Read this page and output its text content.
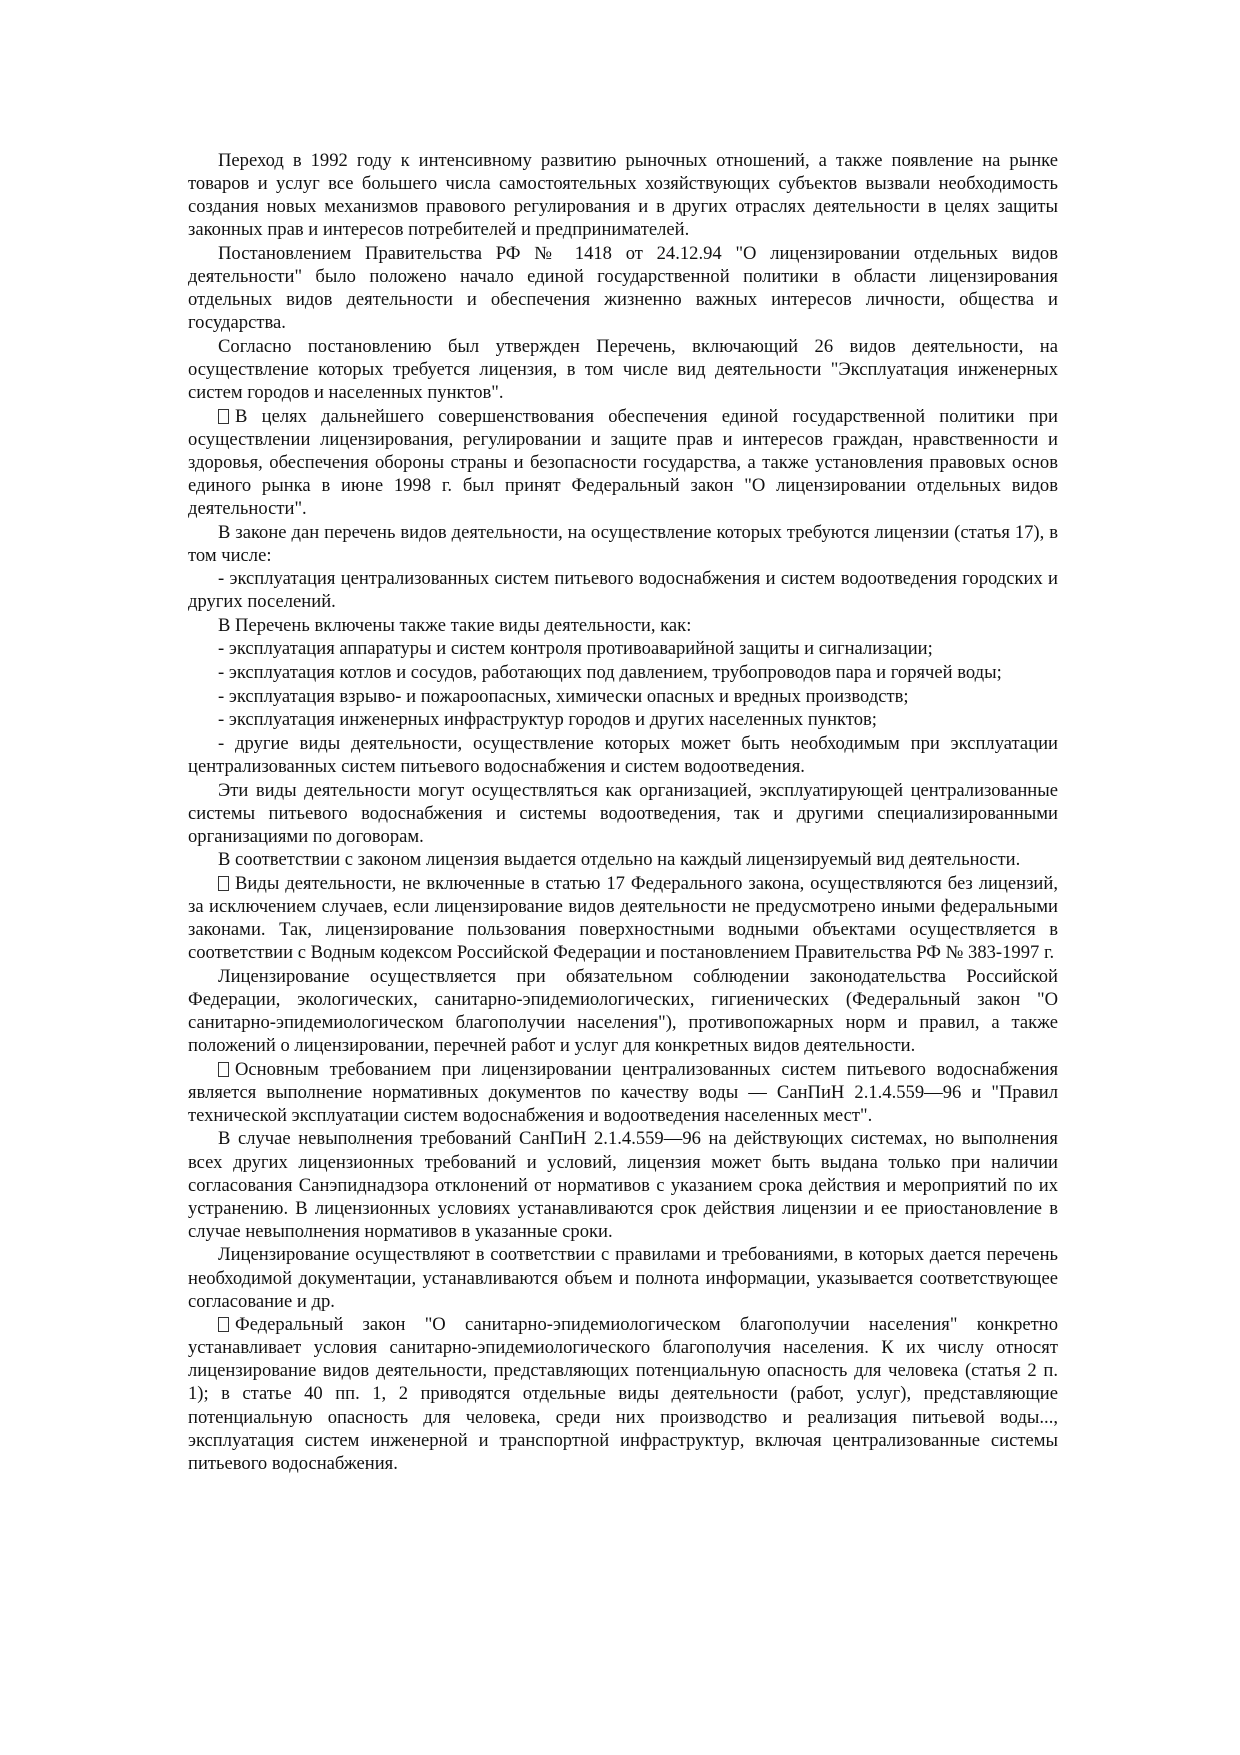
Переход в 1992 году к интенсивному развитию рыночных отношений, а также появление на рынке товаров и услуг все большего числа самостоятельных хозяйствующих субъектов вызвали необходимость создания новых механизмов правового регулирования и в других отраслях деятельности в целях защиты законных прав и интересов потребителей и предпринимателей.

Постановлением Правительства РФ № 1418 от 24.12.94 "О лицензировании отдельных видов деятельности" было положено начало единой государственной политики в области лицензирования отдельных видов деятельности и обеспечения жизненно важных интересов личности, общества и государства.

Согласно постановлению был утвержден Перечень, включающий 26 видов деятельности, на осуществление которых требуется лицензия, в том числе вид деятельности "Эксплуатация инженерных систем городов и населенных пунктов".

В целях дальнейшего совершенствования обеспечения единой государственной политики при осуществлении лицензирования, регулировании и защите прав и интересов граждан, нравственности и здоровья, обеспечения обороны страны и безопасности государства, а также установления правовых основ единого рынка в июне 1998 г. был принят Федеральный закон "О лицензировании отдельных видов деятельности".

В законе дан перечень видов деятельности, на осуществление которых требуются лицензии (статья 17), в том числе:

- эксплуатация централизованных систем питьевого водоснабжения и систем водоотведения городских и других поселений.

В Перечень включены также такие виды деятельности, как:

- эксплуатация аппаратуры и систем контроля противоаварийной защиты и сигнализации;

- эксплуатация котлов и сосудов, работающих под давлением, трубопроводов пара и горячей воды;

- эксплуатация взрыво- и пожароопасных, химически опасных и вредных производств;

- эксплуатация инженерных инфраструктур городов и других населенных пунктов;

- другие виды деятельности, осуществление которых может быть необходимым при эксплуатации централизованных систем питьевого водоснабжения и систем водоотведения.

Эти виды деятельности могут осуществляться как организацией, эксплуатирующей централизованные системы питьевого водоснабжения и системы водоотведения, так и другими специализированными организациями по договорам.

В соответствии с законом лицензия выдается отдельно на каждый лицензируемый вид деятельности.

Виды деятельности, не включенные в статью 17 Федерального закона, осуществляются без лицензий, за исключением случаев, если лицензирование видов деятельности не предусмотрено иными федеральными законами. Так, лицензирование пользования поверхностными водными объектами осуществляется в соответствии с Водным кодексом Российской Федерации и постановлением Правительства РФ № 383-1997 г.

Лицензирование осуществляется при обязательном соблюдении законодательства Российской Федерации, экологических, санитарно-эпидемиологических, гигиенических (Федеральный закон "О санитарно-эпидемиологическом благополучии населения"), противопожарных норм и правил, а также положений о лицензировании, перечней работ и услуг для конкретных видов деятельности.

Основным требованием при лицензировании централизованных систем питьевого водоснабжения является выполнение нормативных документов по качеству воды — СанПиН 2.1.4.559—96 и "Правил технической эксплуатации систем водоснабжения и водоотведения населенных мест".

В случае невыполнения требований СанПиН 2.1.4.559—96 на действующих системах, но выполнения всех других лицензионных требований и условий, лицензия может быть выдана только при наличии согласования Санэпиднадзора отклонений от нормативов с указанием срока действия и мероприятий по их устранению. В лицензионных условиях устанавливаются срок действия лицензии и ее приостановление в случае невыполнения нормативов в указанные сроки.

Лицензирование осуществляют в соответствии с правилами и требованиями, в которых дается перечень необходимой документации, устанавливаются объем и полнота информации, указывается соответствующее согласование и др.

Федеральный закон "О санитарно-эпидемиологическом благополучии населения" конкретно устанавливает условия санитарно-эпидемиологического благополучия населения. К их числу относят лицензирование видов деятельности, представляющих потенциальную опасность для человека (статья 2 п. 1); в статье 40 пп. 1, 2 приводятся отдельные виды деятельности (работ, услуг), представляющие потенциальную опасность для человека, среди них производство и реализация питьевой воды..., эксплуатация систем инженерной и транспортной инфраструктур, включая централизованные системы питьевого водоснабжения.
